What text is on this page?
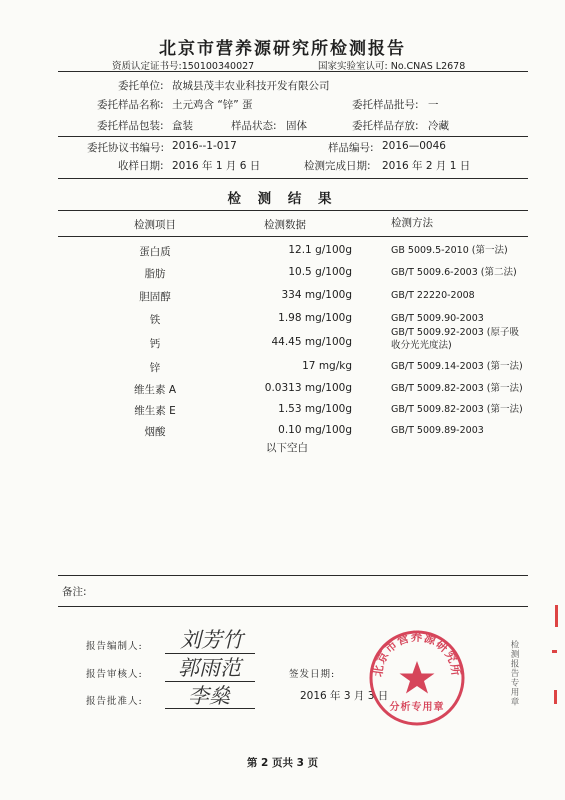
北京市营养源研究所检测报告
资质认定证书号:150100340027	国家实验室认可: No.CNAS L2678
委托单位: 故城县茂丰农业科技开发有限公司
委托样品名称: 土元鸡含 “锌” 蛋	委托样品批号: 一
委托样品包装: 盒装	样品状态: 固体	委托样品存放: 冷藏
委托协议书编号: 2016--1-017	样品编号: 2016—0046
收样日期: 2016 年 1 月 6 日	检测完成日期: 2016 年 2 月 1 日
检 测 结 果
检测项目	检测数据	检测方法
蛋白质	12.1 g/100g	GB 5009.5-2010 (第一法)
脂肪	10.5 g/100g	GB/T 5009.6-2003 (第二法)
胆固醇	334 mg/100g	GB/T 22220-2008
铁	1.98 mg/100g	GB/T 5009.90-2003
钙	44.45 mg/100g
GB/T 5009.92-2003 (原子吸收分光光度法)
锌	17 mg/kg	GB/T 5009.14-2003 (第一法)
维生素 A	0.0313 mg/100g	GB/T 5009.82-2003 (第一法)
维生素 E	1.53 mg/100g	GB/T 5009.82-2003 (第一法)
烟酸	0.10 mg/100g	GB/T 5009.89-2003
以下空白
备注:
报告编制人: 刘芳竹
报告审核人: 郭雨范
报告批准人: 李燊
签发日期:
2016 年 3 月 3 日
北京市营养源研究所
分析专用章
检测报告专用章
第 2 页共 3 页
